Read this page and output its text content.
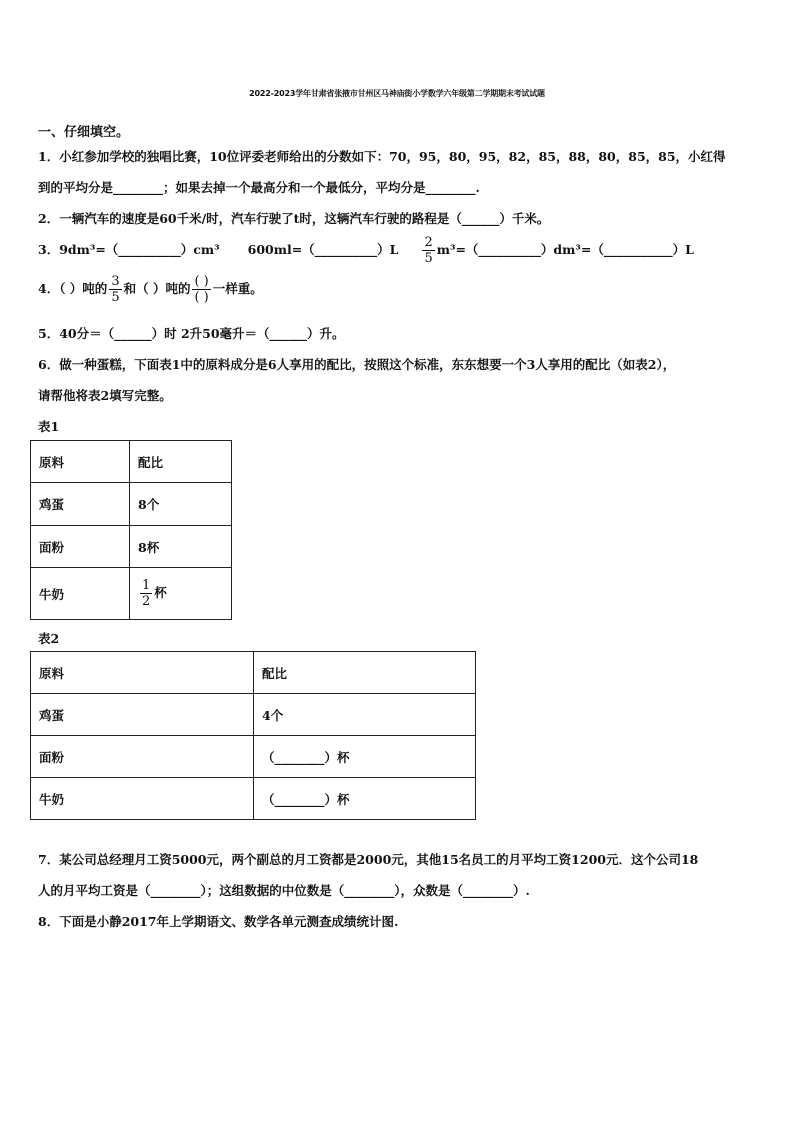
2022-2023学年甘肃省张掖市甘州区马神庙街小学数学六年级第二学期期末考试试题
一、仔细填空。
1．小红参加学校的独唱比赛，10位评委老师给出的分数如下：70，95，80，95，82，85，88，80，85，85，小红得
到的平均分是________；如果去掉一个最高分和一个最低分，平均分是________.
2．一辆汽车的速度是60千米/时，汽车行驶了t时，这辆汽车行驶的路程是（______）千米。
3．9dm³=（__________）cm³ 600ml=（__________）L $\frac{2}{5}$ m³=（__________）dm³=（___________）L
4．（ ）吨的 $\frac{3}{5}$ 和（ ）吨的 $\frac{( )}{( )}$ 一样重。
5．40分＝（______）时 2升50毫升＝（______）升。
6．做一种蛋糕，下面表1中的原料成分是6人享用的配比，按照这个标准，东东想要一个3人享用的配比（如表2），
请帮他将表2填写完整。
表1
原料	配比
鸡蛋	8个
面粉	8杯
牛奶	$\frac{1}{2}$ 杯
表2
原料	配比
鸡蛋	4个
面粉	（________）杯
牛奶	（________）杯
7．某公司总经理月工资5000元，两个副总的月工资都是2000元，其他15名员工的月平均工资1200元．这个公司18
人的月平均工资是（________）；这组数据的中位数是（________），众数是（________）.
8．下面是小静2017年上学期语文、数学各单元测查成绩统计图.
